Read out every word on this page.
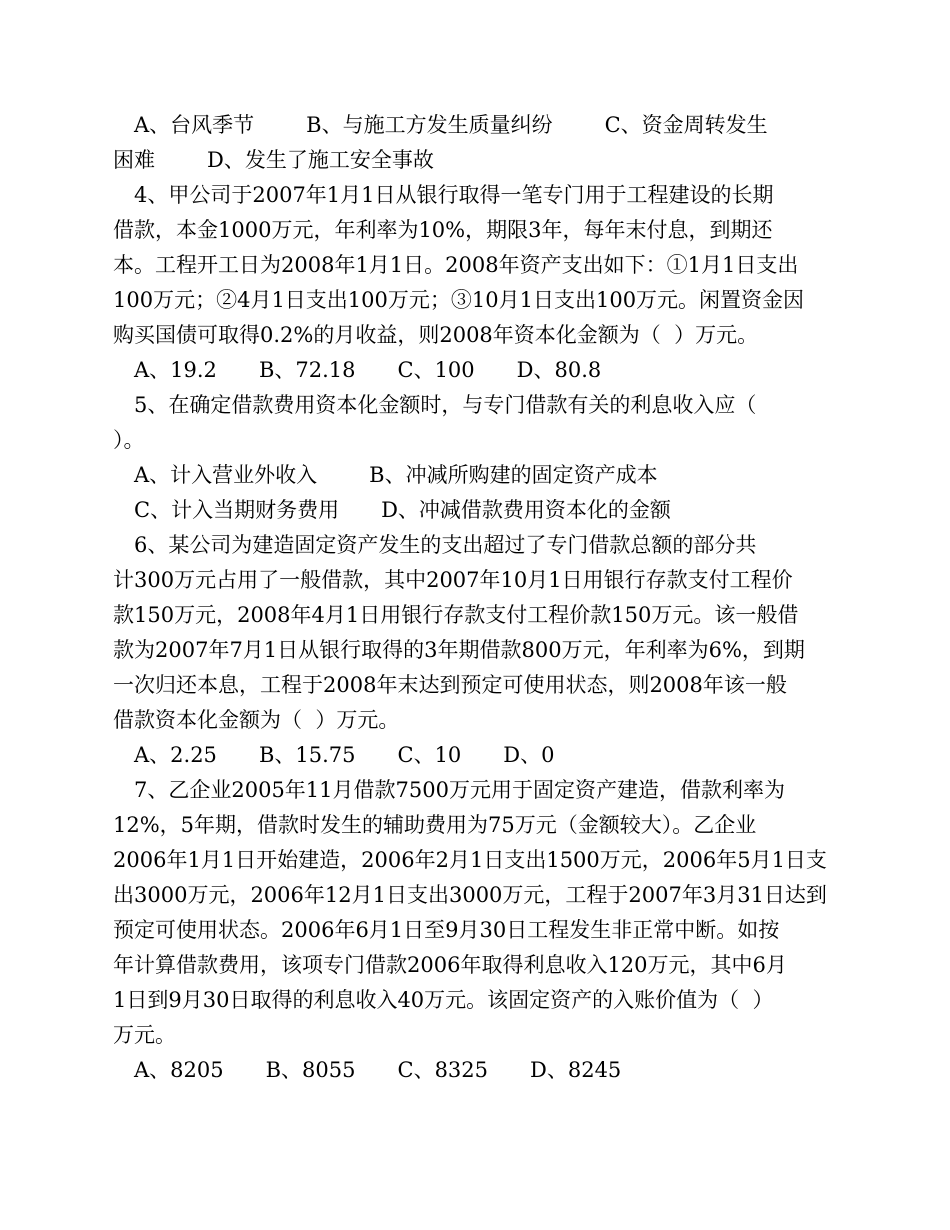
A、台风季节 B、与施工方发生质量纠纷 C、资金周转发生
困难 D、发生了施工安全事故
4、甲公司于2007年1月1日从银行取得一笔专门用于工程建设的长期
借款，本金1000万元，年利率为10%，期限3年，每年末付息，到期还
本。工程开工日为2008年1月1日。2008年资产支出如下：①1月1日支出
100万元；②4月1日支出100万元；③10月1日支出100万元。闲置资金因
购买国债可取得0.2%的月收益，则2008年资本化金额为（  ）万元。
A、19.2 B、72.18 C、100 D、80.8
5、在确定借款费用资本化金额时，与专门借款有关的利息收入应（
）。
A、计入营业外收入 B、冲减所购建的固定资产成本
C、计入当期财务费用 D、冲减借款费用资本化的金额
6、某公司为建造固定资产发生的支出超过了专门借款总额的部分共
计300万元占用了一般借款，其中2007年10月1日用银行存款支付工程价
款150万元，2008年4月1日用银行存款支付工程价款150万元。该一般借
款为2007年7月1日从银行取得的3年期借款800万元，年利率为6%，到期
一次归还本息，工程于2008年末达到预定可使用状态，则2008年该一般
借款资本化金额为（  ）万元。
A、2.25 B、15.75 C、10 D、0
7、乙企业2005年11月借款7500万元用于固定资产建造，借款利率为
12%，5年期，借款时发生的辅助费用为75万元（金额较大）。乙企业
2006年1月1日开始建造，2006年2月1日支出1500万元，2006年5月1日支
出3000万元，2006年12月1日支出3000万元，工程于2007年3月31日达到
预定可使用状态。2006年6月1日至9月30日工程发生非正常中断。如按
年计算借款费用，该项专门借款2006年取得利息收入120万元，其中6月
1日到9月30日取得的利息收入40万元。该固定资产的入账价值为（  ）
万元。
A、8205 B、8055 C、8325 D、8245
